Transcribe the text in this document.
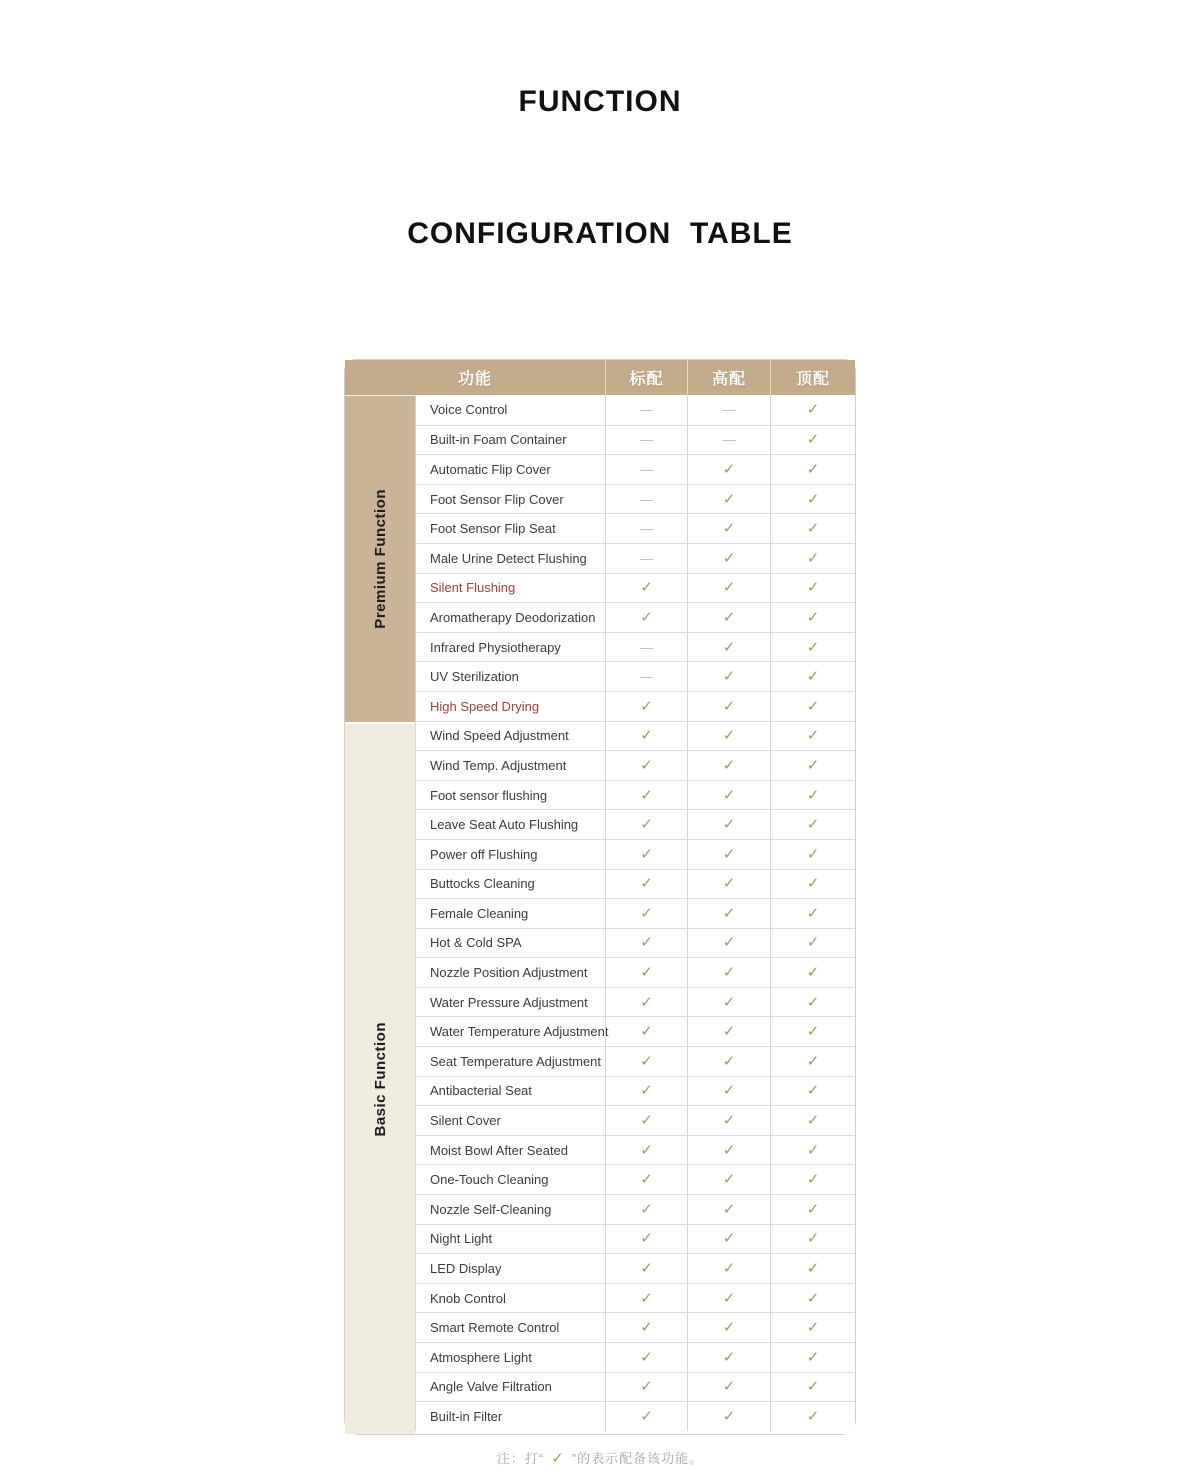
FUNCTION

CONFIGURATION  TABLE

功能	标配	高配	顶配
Premium Function
Basic Function
Voice Control	—	—	✓
Built-in Foam Container	—	—	✓
Automatic Flip Cover	—	✓	✓
Foot Sensor Flip Cover	—	✓	✓
Foot Sensor Flip Seat	—	✓	✓
Male Urine Detect Flushing	—	✓	✓
Silent Flushing	✓	✓	✓
Aromatherapy Deodorization	✓	✓	✓
Infrared Physiotherapy	—	✓	✓
UV Sterilization	—	✓	✓
High Speed Drying	✓	✓	✓
Wind Speed Adjustment	✓	✓	✓
Wind Temp. Adjustment	✓	✓	✓
Foot sensor flushing	✓	✓	✓
Leave Seat Auto Flushing	✓	✓	✓
Power off Flushing	✓	✓	✓
Buttocks Cleaning	✓	✓	✓
Female Cleaning	✓	✓	✓
Hot & Cold SPA	✓	✓	✓
Nozzle Position Adjustment	✓	✓	✓
Water Pressure Adjustment	✓	✓	✓
Water Temperature Adjustment ✓	✓	✓
Seat Temperature Adjustment	✓	✓	✓
Antibacterial Seat	✓	✓	✓
Silent Cover	✓	✓	✓
Moist Bowl After Seated	✓	✓	✓
One-Touch Cleaning	✓	✓	✓
Nozzle Self-Cleaning	✓	✓	✓
Night Light	✓	✓	✓
LED Display	✓	✓	✓
Knob Control	✓	✓	✓
Smart Remote Control	✓	✓	✓
Atmosphere Light	✓	✓	✓
Angle Valve Filtration	✓	✓	✓
Built-in Filter	✓	✓	✓
注：打“ ✓ ”的表示配备该功能。
